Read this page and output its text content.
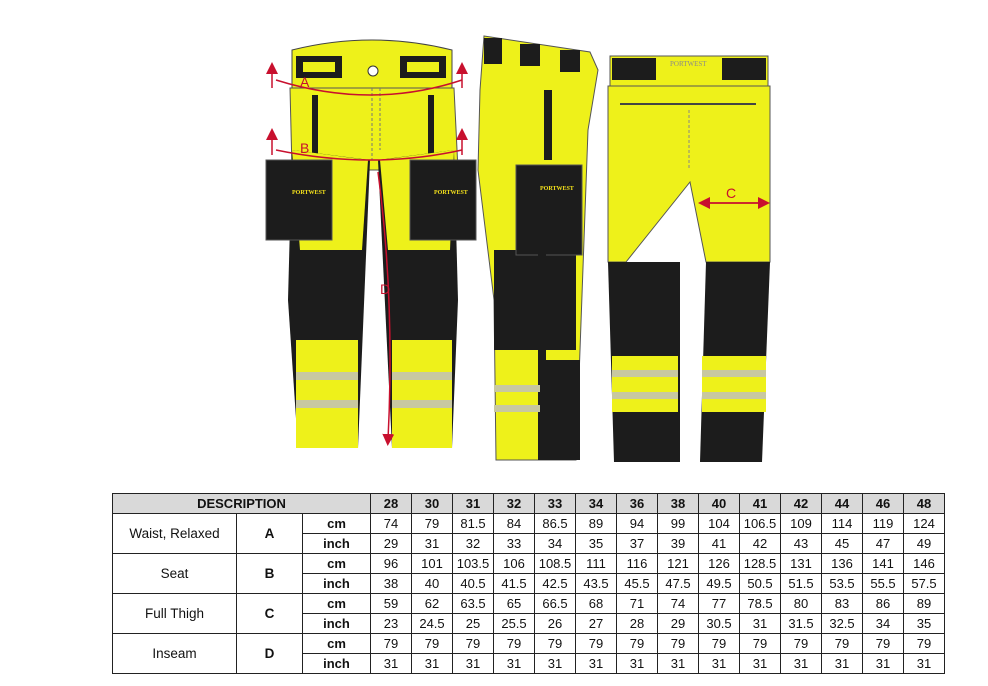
PORTWEST	PORTWEST
A
B
D
PORTWEST
PORTWEST
C
DESCRIPTION			28	30	31	32	33	34	36	38	40	41	42	44	46	48
Waist, Relaxed	A	cm	74	79	81.5	84	86.5	89	94	99	104	106.5	109	114	119	124
		inch	29	31	32	33	34	35	37	39	41	42	43	45	47	49
Seat	B	cm	96	101	103.5	106	108.5	111	116	121	126	128.5	131	136	141	146
		inch	38	40	40.5	41.5	42.5	43.5	45.5	47.5	49.5	50.5	51.5	53.5	55.5	57.5
Full Thigh	C	cm	59	62	63.5	65	66.5	68	71	74	77	78.5	80	83	86	89
		inch	23	24.5	25	25.5	26	27	28	29	30.5	31	31.5	32.5	34	35
Inseam	D	cm	79	79	79	79	79	79	79	79	79	79	79	79	79	79
		inch	31	31	31	31	31	31	31	31	31	31	31	31	31	31
